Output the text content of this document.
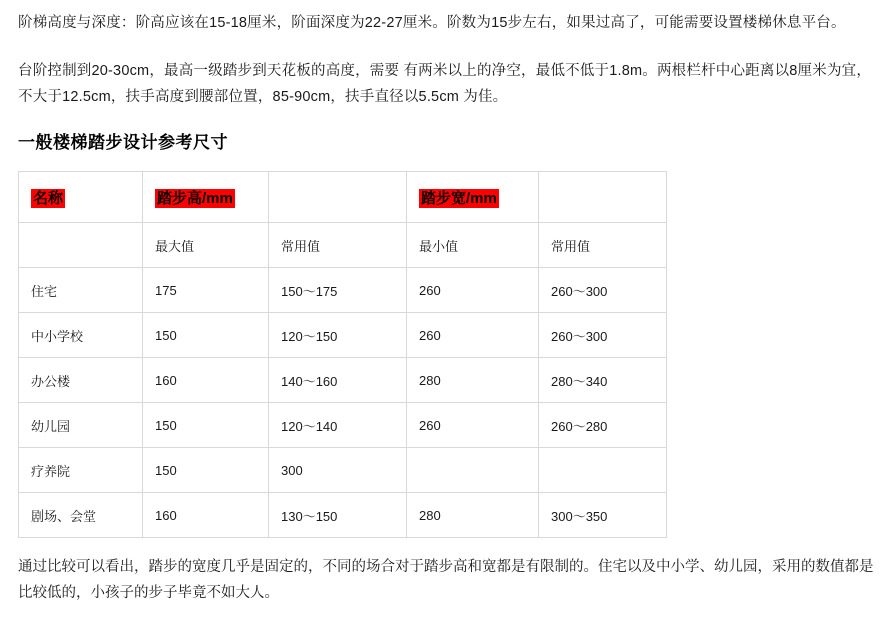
阶梯高度与深度：阶高应该在15-18厘米，阶面深度为22-27厘米。阶数为15步左右，如果过高了，可能需要设置楼梯休息平台。

台阶控制到20-30cm，最高一级踏步到天花板的高度，需要 有两米以上的净空，最低不低于1.8m。两根栏杆中心距离以8厘米为宜，不大于12.5cm，扶手高度到腰部位置，85-90cm，扶手直径以5.5cm 为佳。

一般楼梯踏步设计参考尺寸
名称	踏步高/mm		踏步宽/mm	
	最大值	常用值	最小值	常用值
住宅	175	150～175	260	260～300
中小学校	150	120～150	260	260～300
办公楼	160	140～160	280	280～340
幼儿园	150	120～140	260	260～280
疗养院	150	300		
剧场、会堂	160	130～150	280	300～350

通过比较可以看出，踏步的宽度几乎是固定的，不同的场合对于踏步高和宽都是有限制的。住宅以及中小学、幼儿园，采用的数值都是比较低的，小孩子的步子毕竟不如大人。
